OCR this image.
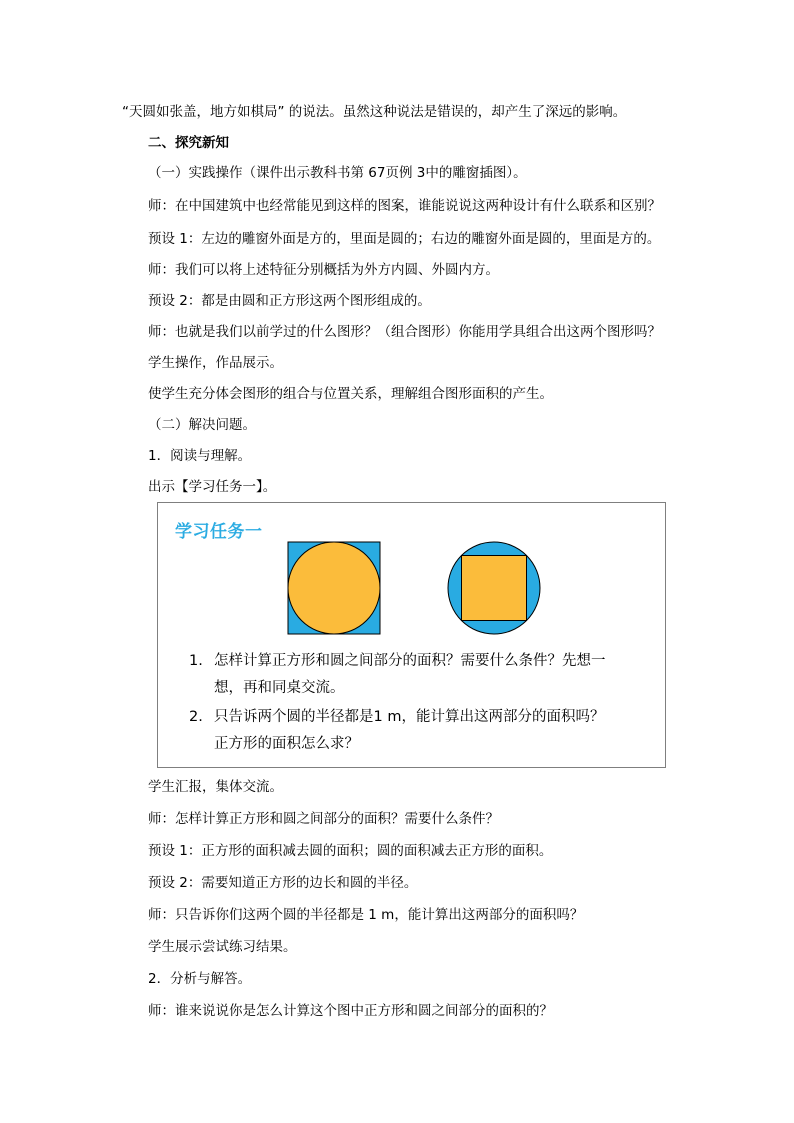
“天圆如张盖，地方如棋局” 的说法。虽然这种说法是错误的，却产生了深远的影响。
二、探究新知
（一）实践操作（课件出示教科书第 67页例 3中的雕窗插图）。
师：在中国建筑中也经常能见到这样的图案，谁能说说这两种设计有什么联系和区别？
预设 1：左边的雕窗外面是方的，里面是圆的；右边的雕窗外面是圆的，里面是方的。
师：我们可以将上述特征分别概括为外方内圆、外圆内方。
预设 2：都是由圆和正方形这两个图形组成的。
师：也就是我们以前学过的什么图形？（组合图形）你能用学具组合出这两个图形吗？
学生操作，作品展示。
使学生充分体会图形的组合与位置关系，理解组合图形面积的产生。
（二）解决问题。
1．阅读与理解。
出示【学习任务一】。
学习任务一
1. 怎样计算正方形和圆之间部分的面积？需要什么条件？先想一
想，再和同桌交流。
2. 只告诉两个圆的半径都是1 m，能计算出这两部分的面积吗？
正方形的面积怎么求？
学生汇报，集体交流。
师：怎样计算正方形和圆之间部分的面积？需要什么条件？
预设 1：正方形的面积减去圆的面积；圆的面积减去正方形的面积。
预设 2：需要知道正方形的边长和圆的半径。
师：只告诉你们这两个圆的半径都是 1 m，能计算出这两部分的面积吗？
学生展示尝试练习结果。
2．分析与解答。
师：谁来说说你是怎么计算这个图中正方形和圆之间部分的面积的？
